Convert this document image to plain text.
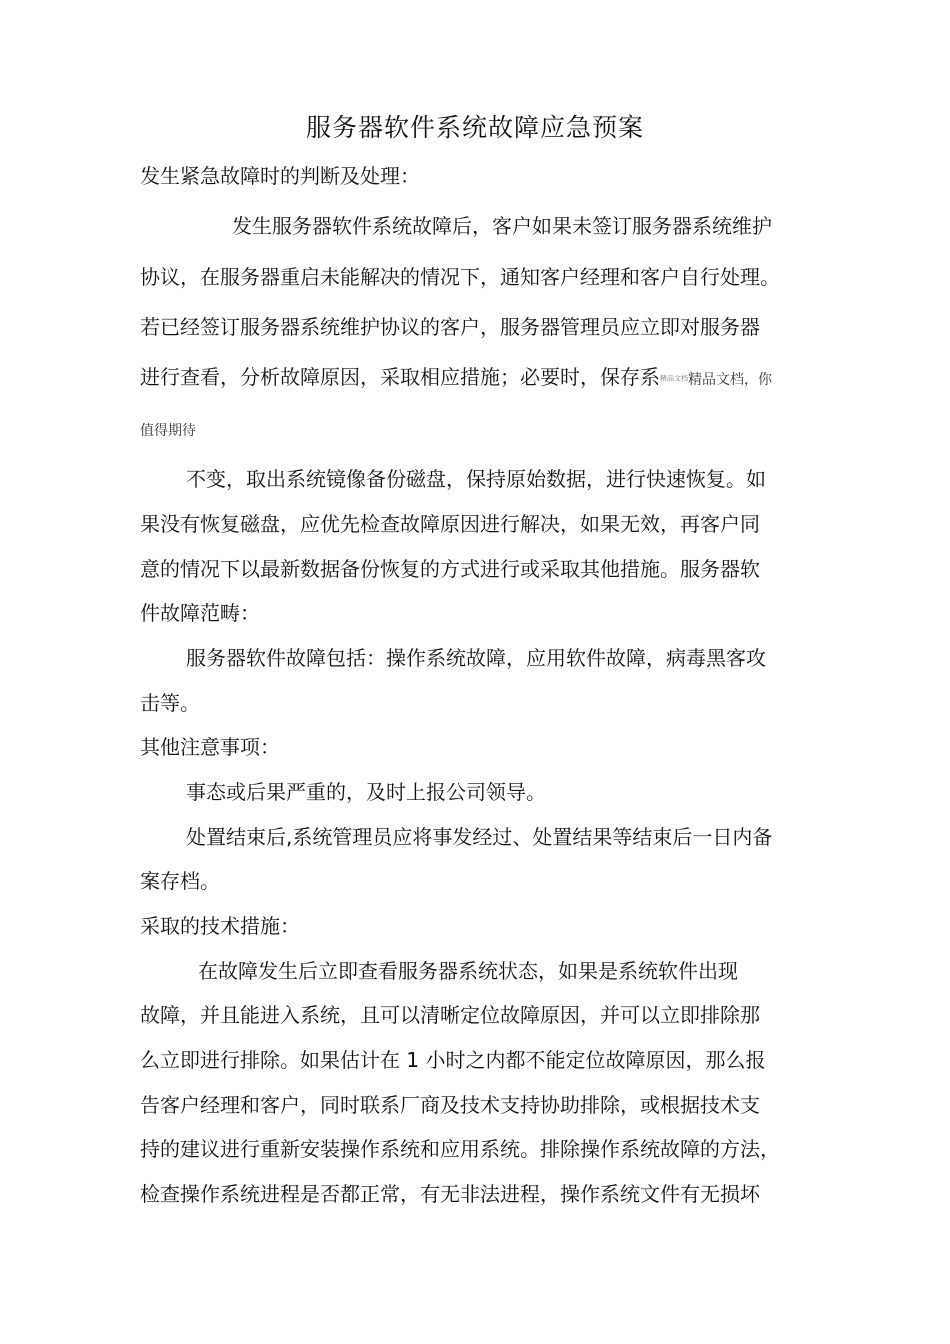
服务器软件系统故障应急预案
发生紧急故障时的判断及处理：
发生服务器软件系统故障后，客户如果未签订服务器系统维护
协议，在服务器重启未能解决的情况下，通知客户经理和客户自行处理。
若已经签订服务器系统维护协议的客户，服务器管理员应立即对服务器
进行查看，分析故障原因，采取相应措施；必要时，保存系精品文档精品文档，你
值得期待
不变，取出系统镜像备份磁盘，保持原始数据，进行快速恢复。如
果没有恢复磁盘，应优先检查故障原因进行解决，如果无效，再客户同
意的情况下以最新数据备份恢复的方式进行或采取其他措施。服务器软
件故障范畴：
服务器软件故障包括：操作系统故障，应用软件故障，病毒黑客攻
击等。
其他注意事项：
事态或后果严重的，及时上报公司领导。
处置结束后,系统管理员应将事发经过、处置结果等结束后一日内备
案存档。
采取的技术措施：
在故障发生后立即查看服务器系统状态，如果是系统软件出现
故障，并且能进入系统，且可以清晰定位故障原因，并可以立即排除那
么立即进行排除。如果估计在 1 小时之内都不能定位故障原因，那么报
告客户经理和客户，同时联系厂商及技术支持协助排除，或根据技术支
持的建议进行重新安装操作系统和应用系统。排除操作系统故障的方法，
检查操作系统进程是否都正常，有无非法进程，操作系统文件有无损坏
